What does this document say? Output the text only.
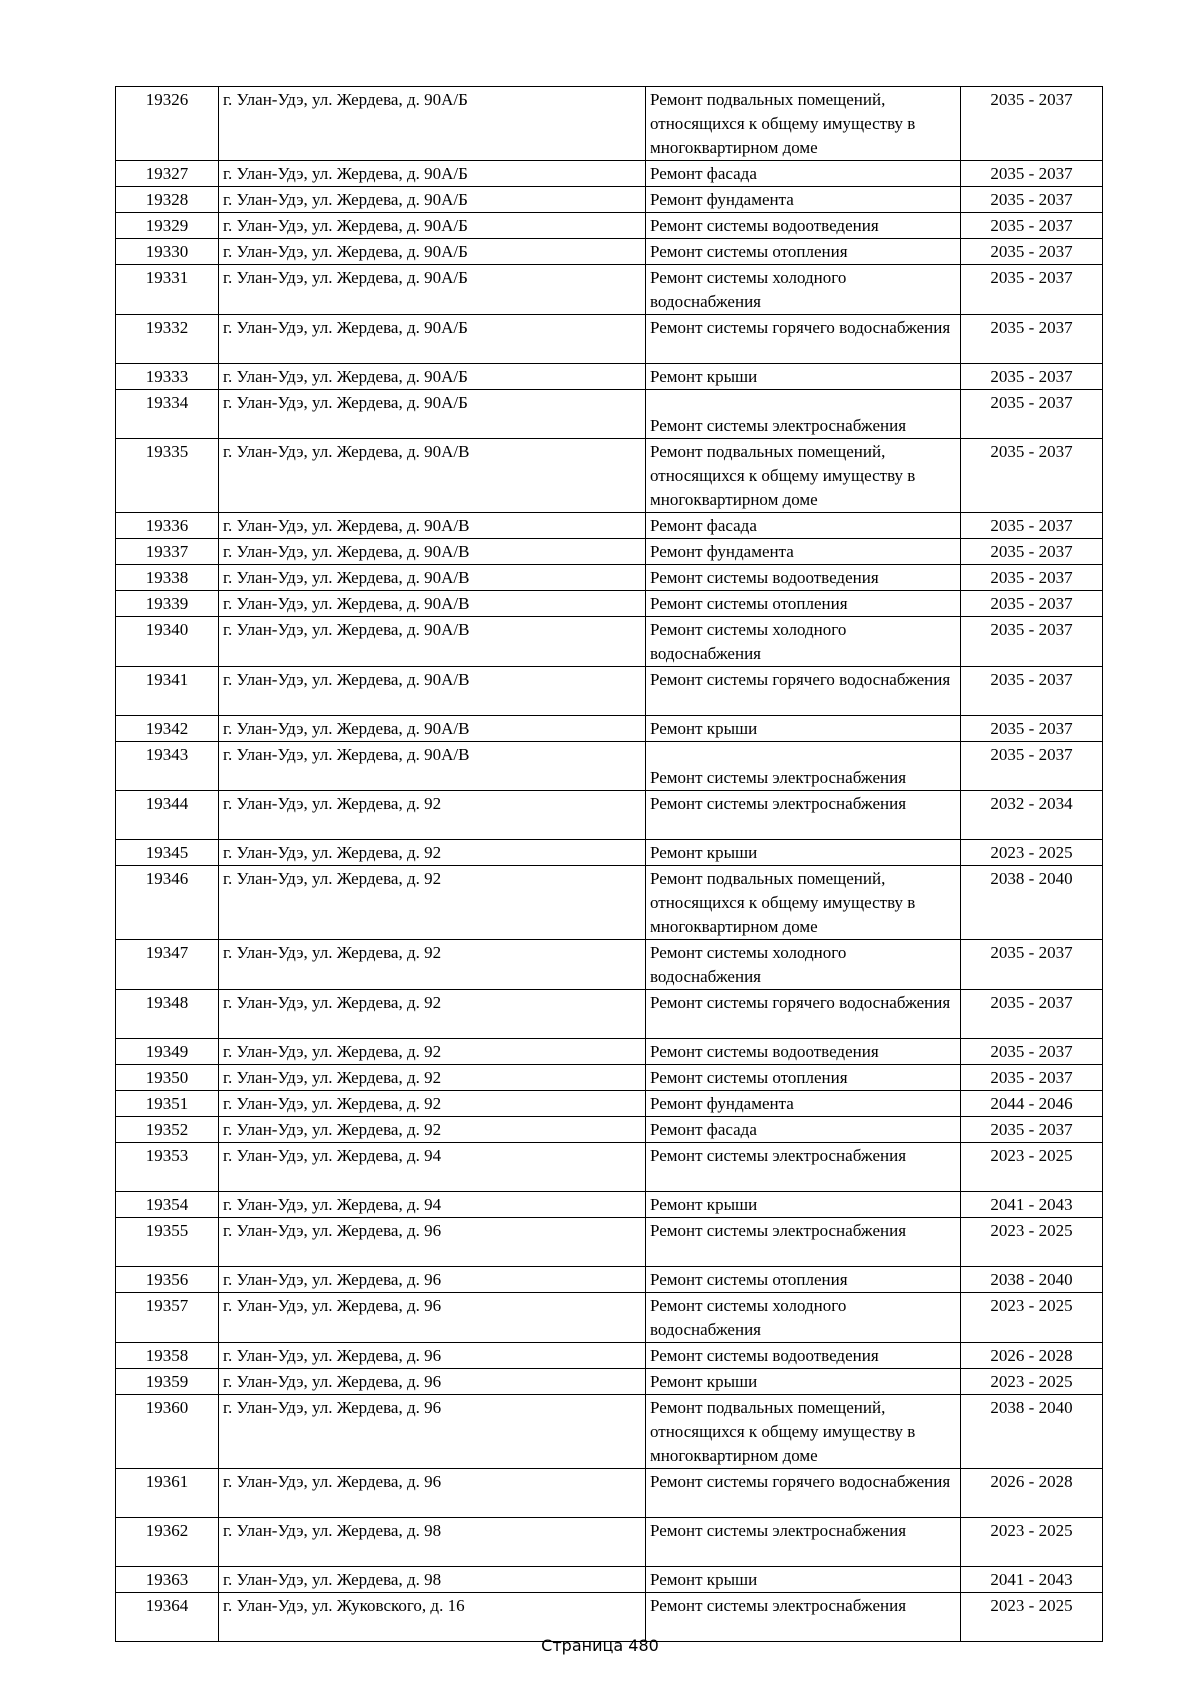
19326	г. Улан-Удэ, ул. Жердева, д. 90А/Б	Ремонт подвальных помещений, относящихся к общему имуществу в многоквартирном доме	2035 - 2037
19327	г. Улан-Удэ, ул. Жердева, д. 90А/Б	Ремонт фасада	2035 - 2037
19328	г. Улан-Удэ, ул. Жердева, д. 90А/Б	Ремонт фундамента	2035 - 2037
19329	г. Улан-Удэ, ул. Жердева, д. 90А/Б	Ремонт системы водоотведения	2035 - 2037
19330	г. Улан-Удэ, ул. Жердева, д. 90А/Б	Ремонт системы отопления	2035 - 2037
19331	г. Улан-Удэ, ул. Жердева, д. 90А/Б	Ремонт системы холодного водоснабжения	2035 - 2037
19332	г. Улан-Удэ, ул. Жердева, д. 90А/Б	Ремонт системы горячего водоснабжения	2035 - 2037
19333	г. Улан-Удэ, ул. Жердева, д. 90А/Б	Ремонт крыши	2035 - 2037
19334	г. Улан-Удэ, ул. Жердева, д. 90А/Б	Ремонт системы электроснабжения	2035 - 2037
19335	г. Улан-Удэ, ул. Жердева, д. 90А/В	Ремонт подвальных помещений, относящихся к общему имуществу в многоквартирном доме	2035 - 2037
19336	г. Улан-Удэ, ул. Жердева, д. 90А/В	Ремонт фасада	2035 - 2037
19337	г. Улан-Удэ, ул. Жердева, д. 90А/В	Ремонт фундамента	2035 - 2037
19338	г. Улан-Удэ, ул. Жердева, д. 90А/В	Ремонт системы водоотведения	2035 - 2037
19339	г. Улан-Удэ, ул. Жердева, д. 90А/В	Ремонт системы отопления	2035 - 2037
19340	г. Улан-Удэ, ул. Жердева, д. 90А/В	Ремонт системы холодного водоснабжения	2035 - 2037
19341	г. Улан-Удэ, ул. Жердева, д. 90А/В	Ремонт системы горячего водоснабжения	2035 - 2037
19342	г. Улан-Удэ, ул. Жердева, д. 90А/В	Ремонт крыши	2035 - 2037
19343	г. Улан-Удэ, ул. Жердева, д. 90А/В	Ремонт системы электроснабжения	2035 - 2037
19344	г. Улан-Удэ, ул. Жердева, д. 92	Ремонт системы электроснабжения	2032 - 2034
19345	г. Улан-Удэ, ул. Жердева, д. 92	Ремонт крыши	2023 - 2025
19346	г. Улан-Удэ, ул. Жердева, д. 92	Ремонт подвальных помещений, относящихся к общему имуществу в многоквартирном доме	2038 - 2040
19347	г. Улан-Удэ, ул. Жердева, д. 92	Ремонт системы холодного водоснабжения	2035 - 2037
19348	г. Улан-Удэ, ул. Жердева, д. 92	Ремонт системы горячего водоснабжения	2035 - 2037
19349	г. Улан-Удэ, ул. Жердева, д. 92	Ремонт системы водоотведения	2035 - 2037
19350	г. Улан-Удэ, ул. Жердева, д. 92	Ремонт системы отопления	2035 - 2037
19351	г. Улан-Удэ, ул. Жердева, д. 92	Ремонт фундамента	2044 - 2046
19352	г. Улан-Удэ, ул. Жердева, д. 92	Ремонт фасада	2035 - 2037
19353	г. Улан-Удэ, ул. Жердева, д. 94	Ремонт системы электроснабжения	2023 - 2025
19354	г. Улан-Удэ, ул. Жердева, д. 94	Ремонт крыши	2041 - 2043
19355	г. Улан-Удэ, ул. Жердева, д. 96	Ремонт системы электроснабжения	2023 - 2025
19356	г. Улан-Удэ, ул. Жердева, д. 96	Ремонт системы отопления	2038 - 2040
19357	г. Улан-Удэ, ул. Жердева, д. 96	Ремонт системы холодного водоснабжения	2023 - 2025
19358	г. Улан-Удэ, ул. Жердева, д. 96	Ремонт системы водоотведения	2026 - 2028
19359	г. Улан-Удэ, ул. Жердева, д. 96	Ремонт крыши	2023 - 2025
19360	г. Улан-Удэ, ул. Жердева, д. 96	Ремонт подвальных помещений, относящихся к общему имуществу в многоквартирном доме	2038 - 2040
19361	г. Улан-Удэ, ул. Жердева, д. 96	Ремонт системы горячего водоснабжения	2026 - 2028
19362	г. Улан-Удэ, ул. Жердева, д. 98	Ремонт системы электроснабжения	2023 - 2025
19363	г. Улан-Удэ, ул. Жердева, д. 98	Ремонт крыши	2041 - 2043
19364	г. Улан-Удэ, ул. Жуковского, д. 16	Ремонт системы электроснабжения	2023 - 2025
Страница 480
